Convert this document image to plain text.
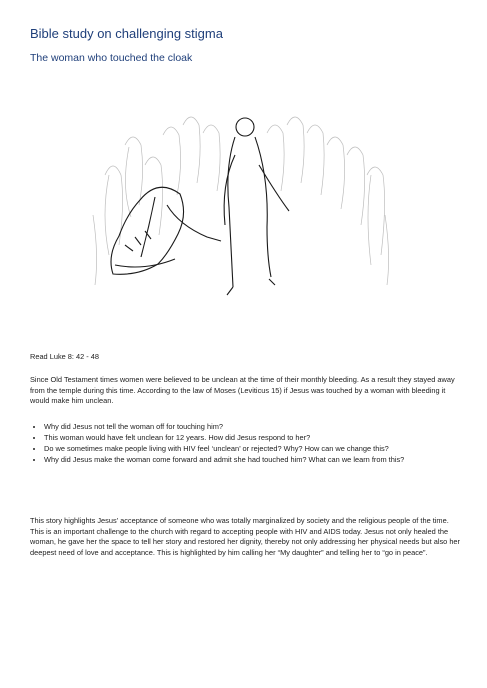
Bible study on challenging stigma
The woman who touched the cloak
Read Luke 8: 42 - 48
Since Old Testament times women were believed to be unclean at the time of their monthly bleeding. As a result they stayed away from the temple during this time. According to the law of Moses (Leviticus 15) if Jesus was touched by a woman with bleeding it would make him unclean.
• Why did Jesus not tell the woman off for touching him?
• This woman would have felt unclean for 12 years. How did Jesus respond to her?
• Do we sometimes make people living with HIV feel ‘unclean’ or rejected? Why? How can we change this?
• Why did Jesus make the woman come forward and admit she had touched him? What can we learn from this?
This story highlights Jesus’ acceptance of someone who was totally marginalized by society and the religious people of the time. This is an important challenge to the church with regard to accepting people with HIV and AIDS today. Jesus not only healed the woman, he gave her the space to tell her story and restored her dignity, thereby not only addressing her physical needs but also her deepest need of love and acceptance. This is highlighted by him calling her “My daughter” and telling her to “go in peace”.
